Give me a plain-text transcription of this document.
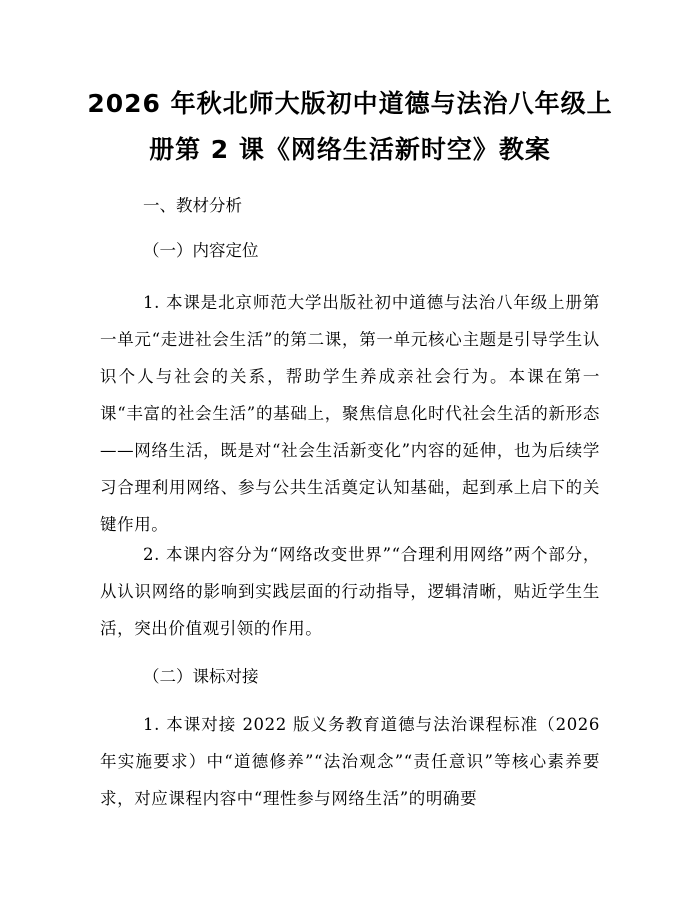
2026 年秋北师大版初中道德与法治八年级上
册第 2 课《网络生活新时空》教案

一、教材分析

（一）内容定位

1. 本课是北京师范大学出版社初中道德与法治八年级上册第一单元“走进社会生活”的第二课，第一单元核心主题是引导学生认识个人与社会的关系，帮助学生养成亲社会行为。本课在第一课“丰富的社会生活”的基础上，聚焦信息化时代社会生活的新形态——网络生活，既是对“社会生活新变化”内容的延伸，也为后续学习合理利用网络、参与公共生活奠定认知基础，起到承上启下的关键作用。

2. 本课内容分为“网络改变世界”“合理利用网络”两个部分，从认识网络的影响到实践层面的行动指导，逻辑清晰，贴近学生生活，突出价值观引领的作用。

（二）课标对接

1. 本课对接 2022 版义务教育道德与法治课程标准（2026 年实施要求）中“道德修养”“法治观念”“责任意识”等核心素养要求，对应课程内容中“理性参与网络生活”的明确要
